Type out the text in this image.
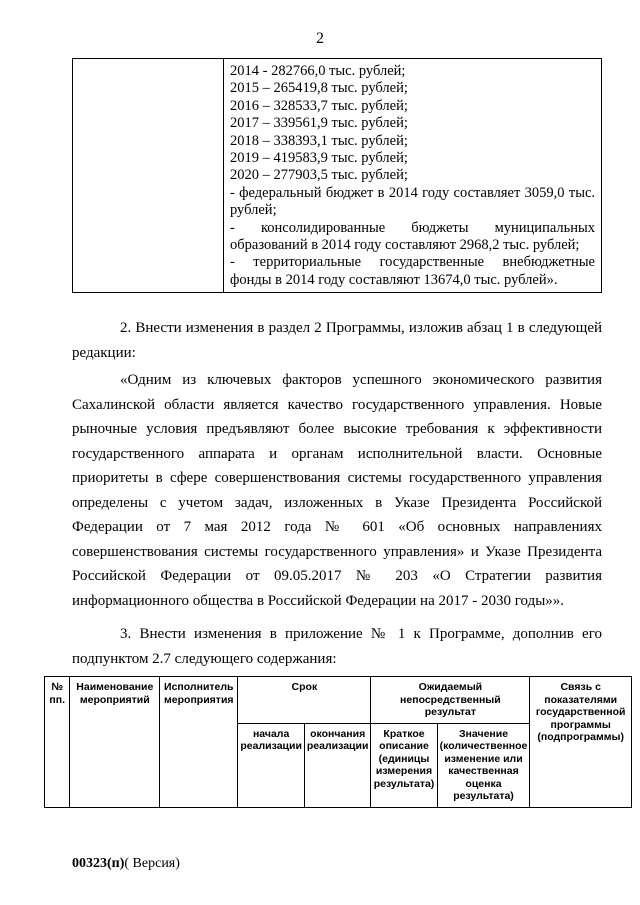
2

2014 - 282766,0 тыс. рублей;
2015 – 265419,8 тыс. рублей;
2016 – 328533,7 тыс. рублей;
2017 – 339561,9 тыс. рублей;
2018 – 338393,1 тыс. рублей;
2019 – 419583,9 тыс. рублей;
2020 – 277903,5 тыс. рублей;
- федеральный бюджет в 2014 году составляет 3059,0 тыс. рублей;
- консолидированные бюджеты муниципальных образований в 2014 году составляют 2968,2 тыс. рублей;
- территориальные государственные внебюджетные фонды в 2014 году составляют 13674,0 тыс. рублей».
2. Внести изменения в раздел 2 Программы, изложив абзац 1 в следующей редакции:
«Одним из ключевых факторов успешного экономического развития Сахалинской области является качество государственного управления. Новые рыночные условия предъявляют более высокие требования к эффективности государственного аппарата и органам исполнительной власти. Основные приоритеты в сфере совершенствования системы государственного управления определены с учетом задач, изложенных в Указе Президента Российской Федерации от 7 мая 2012 года № 601 «Об основных направлениях совершенствования системы государственного управления» и Указе Президента Российской Федерации от 09.05.2017 № 203 «О Стратегии развития информационного общества в Российской Федерации на 2017 - 2030 годы»».
3. Внести изменения в приложение № 1 к Программе, дополнив его подпунктом 2.7 следующего содержания:
№ пп.	Наименование мероприятий	Исполнитель мероприятия	Срок		Ожидаемый непосредственный результат		Связь с показателями государственной программы (подпрограммы)
			начала реализации	окончания реализации	Краткое описание (единицы измерения результата)	Значение (количественное изменение или качественная оценка результата)	
00323(п)( Версия)
